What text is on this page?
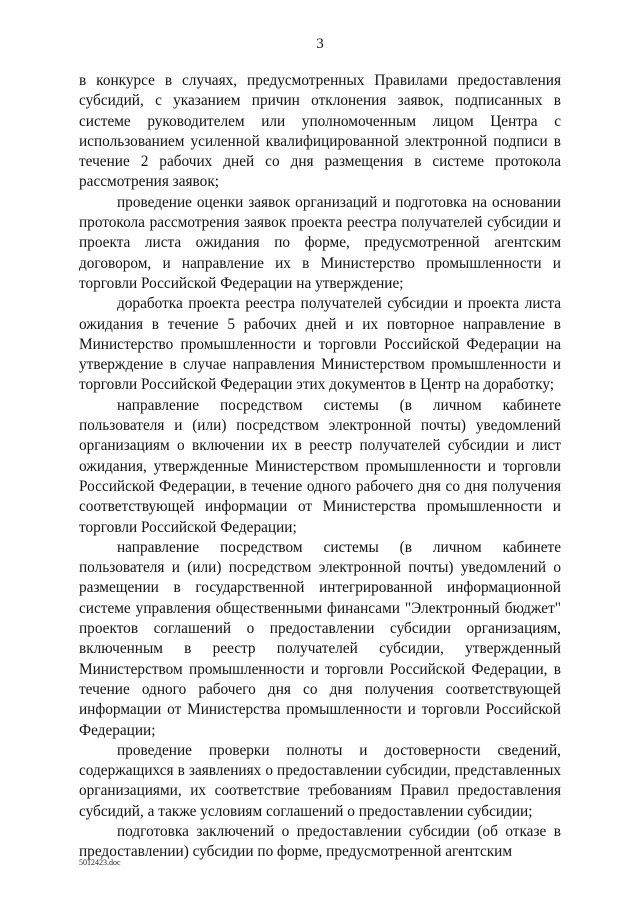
3

в конкурсе в случаях, предусмотренных Правилами предоставления субсидий, с указанием причин отклонения заявок, подписанных в системе руководителем или уполномоченным лицом Центра с использованием усиленной квалифицированной электронной подписи в течение 2 рабочих дней со дня размещения в системе протокола рассмотрения заявок;

проведение оценки заявок организаций и подготовка на основании протокола рассмотрения заявок проекта реестра получателей субсидии и проекта листа ожидания по форме, предусмотренной агентским договором, и направление их в Министерство промышленности и торговли Российской Федерации на утверждение;

доработка проекта реестра получателей субсидии и проекта листа ожидания в течение 5 рабочих дней и их повторное направление в Министерство промышленности и торговли Российской Федерации на утверждение в случае направления Министерством промышленности и торговли Российской Федерации этих документов в Центр на доработку;

направление посредством системы (в личном кабинете пользователя и (или) посредством электронной почты) уведомлений организациям о включении их в реестр получателей субсидии и лист ожидания, утвержденные Министерством промышленности и торговли Российской Федерации, в течение одного рабочего дня со дня получения соответствующей информации от Министерства промышленности и торговли Российской Федерации;

направление посредством системы (в личном кабинете пользователя и (или) посредством электронной почты) уведомлений о размещении в государственной интегрированной информационной системе управления общественными финансами "Электронный бюджет" проектов соглашений о предоставлении субсидии организациям, включенным в реестр получателей субсидии, утвержденный Министерством промышленности и торговли Российской Федерации, в течение одного рабочего дня со дня получения соответствующей информации от Министерства промышленности и торговли Российской Федерации;

проведение проверки полноты и достоверности сведений, содержащихся в заявлениях о предоставлении субсидии, представленных организациями, их соответствие требованиям Правил предоставления субсидий, а также условиям соглашений о предоставлении субсидии;

подготовка заключений о предоставлении субсидии (об отказе в предоставлении) субсидии по форме, предусмотренной агентским

5012423.doc
